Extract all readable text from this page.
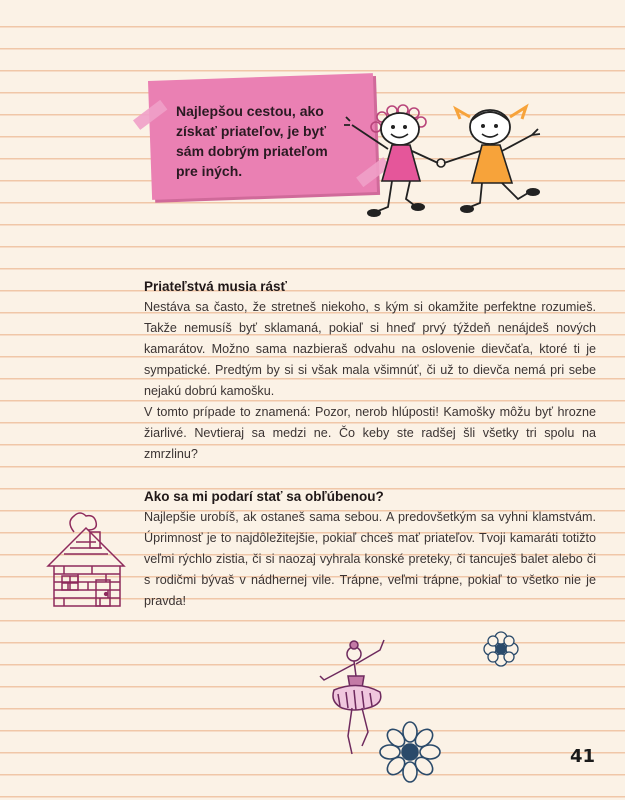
Najlepšou cestou, ako
získať priateľov, je byť
sám dobrým priateľom
pre iných.
Priateľstvá musia rásť

Nestáva sa často, že stretneš niekoho, s kým si okamžite perfektne rozumieš. Takže nemusíš byť sklamaná, pokiaľ si hneď prvý týždeň nenájdeš nových kamarátov. Možno sama nazbieraš odvahu na oslovenie dievčaťa, ktoré ti je sympatické. Predtým by si si však mala všimnúť, či už to dievča nemá pri sebe nejakú dobrú kamošku.

V tomto prípade to znamená: Pozor, nerob hlúposti! Kamošky môžu byť hrozne žiarlivé. Nevtieraj sa medzi ne. Čo keby ste radšej šli všetky tri spolu na zmrzlinu?

Ako sa mi podarí stať sa obľúbenou?

Najlepšie urobíš, ak ostaneš sama sebou. A predovšetkým sa vyhni klamstvám. Úprimnosť je to najdôležitejšie, pokiaľ chceš mať priateľov. Tvoji kamaráti totižto veľmi rýchlo zistia, či si naozaj vyhrala konské preteky, či tancuješ balet alebo či s rodičmi bývaš v nádhernej vile. Trápne, veľmi trápne, pokiaľ to všetko nie je pravda!

41
